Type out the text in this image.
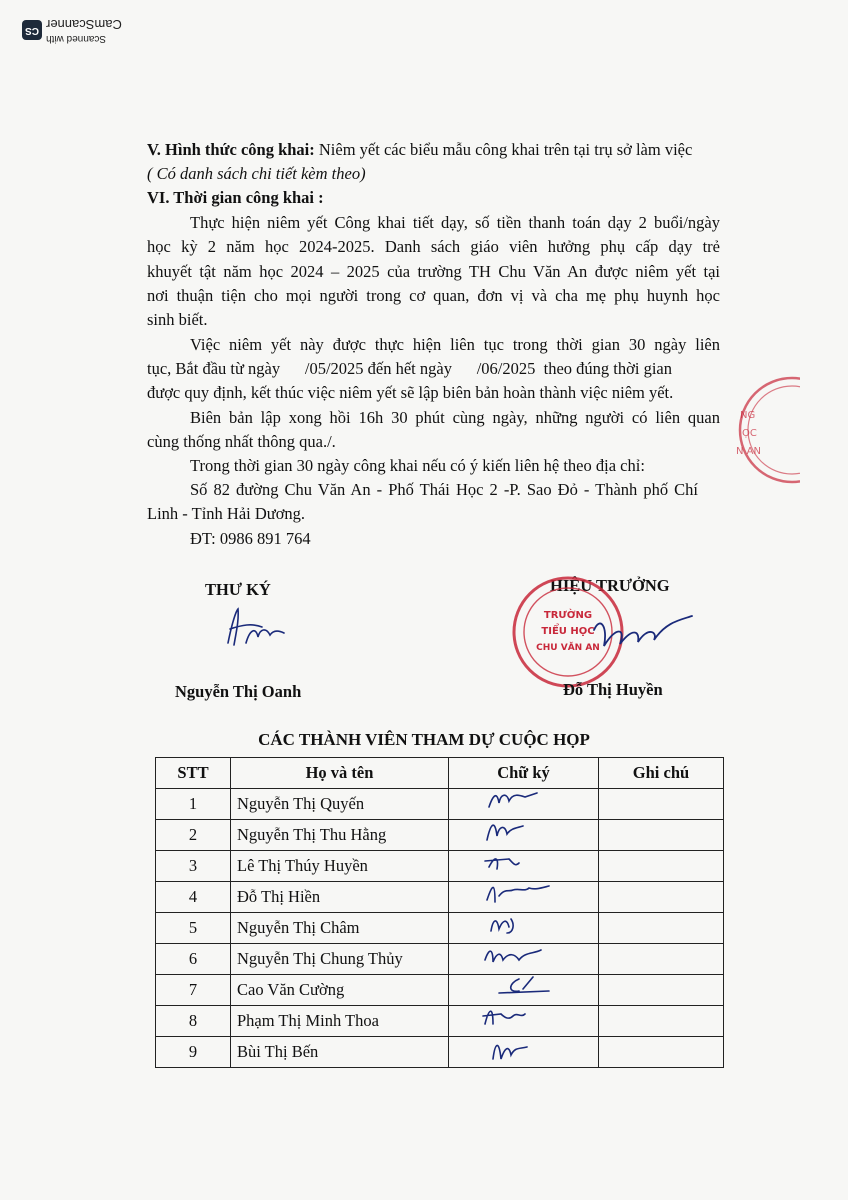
CS
Scanned with
CamScanner
V. Hình thức công khai: Niêm yết các biểu mẫu công khai trên tại trụ sở làm việc
( Có danh sách chi tiết kèm theo)
VI. Thời gian công khai :
Thực hiện niêm yết Công khai tiết dạy, số tiền thanh toán dạy 2 buổi/ngày
học kỳ 2 năm học 2024-2025. Danh sách giáo viên hưởng phụ cấp dạy trẻ
khuyết tật năm học 2024 – 2025 của trường TH Chu Văn An được niêm yết tại
nơi thuận tiện cho mọi người trong cơ quan, đơn vị và cha mẹ phụ huynh học
sinh biết.
Việc niêm yết này được thực hiện liên tục trong thời gian 30 ngày liên
tục, Bắt đầu từ ngày      /05/2025 đến hết ngày      /06/2025  theo đúng thời gian
được quy định, kết thúc việc niêm yết sẽ lập biên bản hoàn thành việc niêm yết.
Biên bản lập xong hồi 16h 30 phút cùng ngày, những người có liên quan
cùng thống nhất thông qua./.
Trong thời gian 30 ngày công khai nếu có ý kiến liên hệ theo địa chỉ:
Số 82 đường Chu Văn An - Phố Thái Học 2 -P. Sao Đỏ - Thành phố Chí
Linh - Tỉnh Hải Dương.
ĐT: 0986 891 764
NG
ỌC
N AN
THƯ KÝ
Nguyễn Thị Oanh
HIỆU TRƯỞNG
TRƯỜNG
TIỂU HỌC
CHU VĂN AN
Đỗ Thị Huyền
CÁC THÀNH VIÊN THAM DỰ CUỘC HỌP
STT	Họ và tên	Chữ ký	Ghi chú
1	Nguyễn Thị Quyến	

2	Nguyễn Thị Thu Hằng	

3	Lê Thị Thúy Huyền	

4	Đỗ Thị Hiền	

5	Nguyễn Thị Châm	

6	Nguyễn Thị Chung Thủy	

7	Cao Văn Cường	

8	Phạm Thị Minh Thoa	

9	Bùi Thị Bến	
